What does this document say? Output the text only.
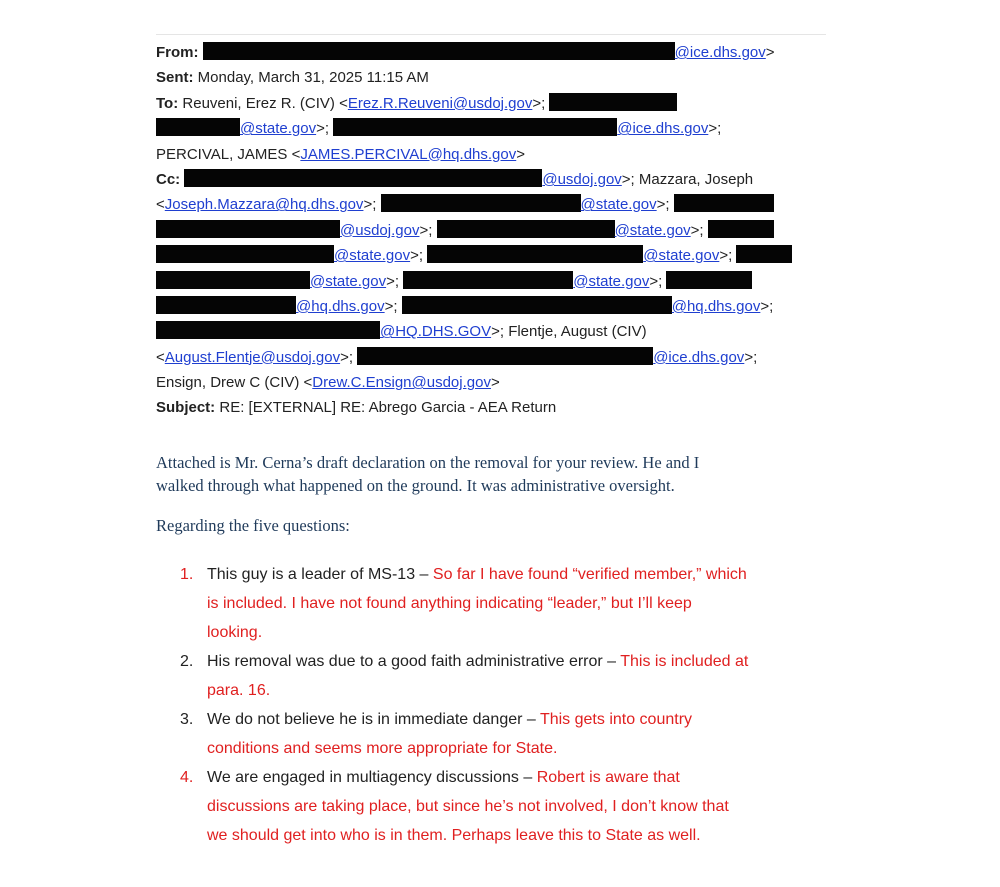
From:	@ice.dhs.gov>
Sent: Monday, March 31, 2025 11:15 AM
To: Reuveni, Erez R. (CIV) <Erez.R.Reuveni@usdoj.gov>;
@state.gov>;	@ice.dhs.gov>;
PERCIVAL, JAMES <JAMES.PERCIVAL@hq.dhs.gov>
Cc:	@usdoj.gov>; Mazzara, Joseph
<Joseph.Mazzara@hq.dhs.gov>;	@state.gov>;
@usdoj.gov>;	@state.gov>;
@state.gov>;	@state.gov>;
@state.gov>;	@state.gov>;
@hq.dhs.gov>;	@hq.dhs.gov>;
@HQ.DHS.GOV>; Flentje, August (CIV)
<August.Flentje@usdoj.gov>;	@ice.dhs.gov>;
Ensign, Drew C (CIV) <Drew.C.Ensign@usdoj.gov>
Subject: RE: [EXTERNAL] RE: Abrego Garcia - AEA Return
Attached is Mr. Cerna’s draft declaration on the removal for your review. He and I
walked through what happened on the ground. It was administrative oversight.
Regarding the five questions:
1. This guy is a leader of MS-13 – So far I have found “verified member,” which
is included. I have not found anything indicating “leader,” but I’ll keep
looking.
2. His removal was due to a good faith administrative error – This is included at
para. 16.
3. We do not believe he is in immediate danger – This gets into country
conditions and seems more appropriate for State.
4. We are engaged in multiagency discussions – Robert is aware that
discussions are taking place, but since he’s not involved, I don’t know that
we should get into who is in them. Perhaps leave this to State as well.
